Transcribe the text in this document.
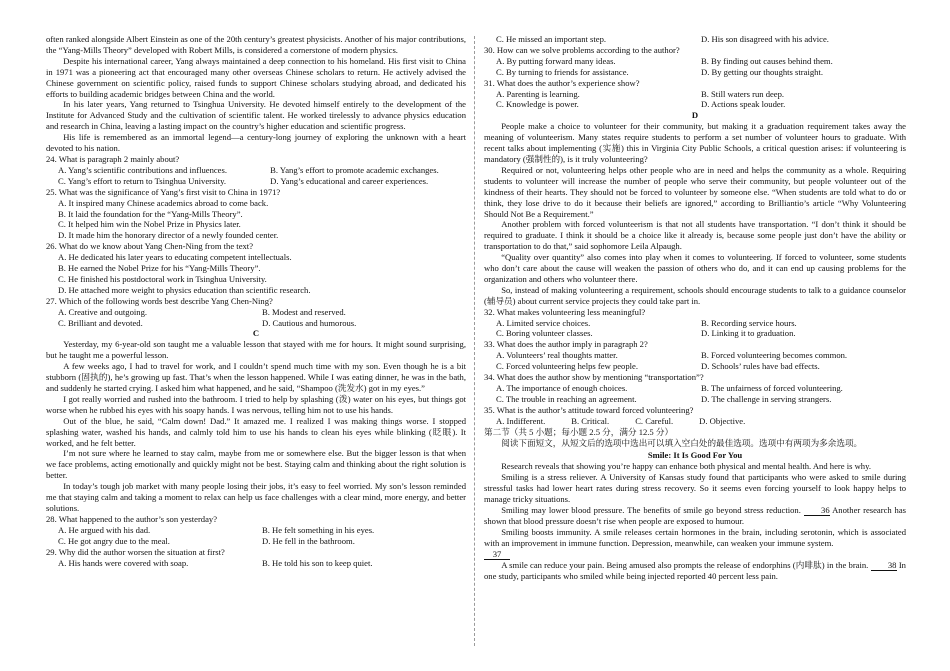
often ranked alongside Albert Einstein as one of the 20th century’s greatest physicists. Another of his major contributions, the “Yang-Mills Theory” developed with Robert Mills, is considered a cornerstone of modern physics.

Despite his international career, Yang always maintained a deep connection to his homeland. His first visit to China in 1971 was a pioneering act that encouraged many other overseas Chinese scholars to return. He actively advised the Chinese government on scientific policy, raised funds to support Chinese scholars studying abroad, and dedicated his efforts to building academic bridges between China and the world.

In his later years, Yang returned to Tsinghua University. He devoted himself entirely to the development of the Institute for Advanced Study and the cultivation of scientific talent. He worked tirelessly to advance physics education and research in China, leaving a lasting impact on the country’s higher education and scientific progress.

His life is remembered as an immortal legend—a century-long journey of exploring the unknown with a heart devoted to his nation.

24. What is paragraph 2 mainly about?
A. Yang’s scientific contributions and influences.	B. Yang’s effort to promote academic exchanges.
C. Yang’s effort to return to Tsinghua University.	D. Yang’s educational and career experiences.
25. What was the significance of Yang’s first visit to China in 1971?
A. It inspired many Chinese academics abroad to come back.
B. It laid the foundation for the “Yang-Mills Theory”.
C. It helped him win the Nobel Prize in Physics later.
D. It made him the honorary director of a newly founded center.
26. What do we know about Yang Chen-Ning from the text?
A. He dedicated his later years to educating competent intellectuals.
B. He earned the Nobel Prize for his “Yang-Mills Theory”.
C. He finished his postdoctoral work in Tsinghua University.
D. He attached more weight to physics education than scientific research.
27. Which of the following words best describe Yang Chen-Ning?
A. Creative and outgoing.	B. Modest and reserved.
C. Brilliant and devoted.	D. Cautious and humorous.
C

Yesterday, my 6-year-old son taught me a valuable lesson that stayed with me for hours. It might sound surprising, but he taught me a powerful lesson.

A few weeks ago, I had to travel for work, and I couldn’t spend much time with my son. Even though he is a bit stubborn (固执的), he’s growing up fast. That’s when the lesson happened. While I was eating dinner, he was in the bath, and suddenly he started crying. I asked him what happened, and he said, “Shampoo (洗发水) got in my eyes.”

I got really worried and rushed into the bathroom. I tried to help by splashing (泼) water on his eyes, but things got worse when he rubbed his eyes with his soapy hands. I was nervous, telling him not to use his hands.

Out of the blue, he said, “Calm down! Dad.” It amazed me. I realized I was making things worse. I stopped splashing water, washed his hands, and calmly told him to use his hands to clean his eyes while blinking (眨眼). It worked, and he felt better.

I’m not sure where he learned to stay calm, maybe from me or somewhere else. But the bigger lesson is that when we face problems, acting emotionally and quickly might not be best. Staying calm and thinking about the right solution is better.

In today’s tough job market with many people losing their jobs, it’s easy to feel worried. My son’s lesson reminded me that staying calm and taking a moment to relax can help us face challenges with a clear mind, more energy, and better solutions.

28. What happened to the author’s son yesterday?
A. He argued with his dad.	B. He felt something in his eyes.
C. He got angry due to the meal.	D. He fell in the bathroom.
29. Why did the author worsen the situation at first?
A. His hands were covered with soap.	B. He told his son to keep quiet.
C. He missed an important step.	D. His son disagreed with his advice.
30. How can we solve problems according to the author?
A. By putting forward many ideas.	B. By finding out causes behind them.
C. By turning to friends for assistance.	D. By getting our thoughts straight.
31. What does the author’s experience show?
A. Parenting is learning.	B. Still waters run deep.
C. Knowledge is power.	D. Actions speak louder.
D

People make a choice to volunteer for their community, but making it a graduation requirement takes away the meaning of volunteerism. Many states require students to perform a set number of volunteer hours to graduate. With recent talks about implementing (实施) this in Virginia City Public Schools, a critical question arises: if volunteering is mandatory (强制性的), is it truly volunteering?

Required or not, volunteering helps other people who are in need and helps the community as a whole. Requiring students to volunteer will increase the number of people who serve their community, but people volunteer out of the kindness of their hearts. They should not be forced to volunteer by someone else. “When students are told what to do or think, they lose drive to do it because their beliefs are ignored,” according to Brilliantio’s article “Why Volunteering Should Not Be a Requirement.”

Another problem with forced volunteerism is that not all students have transportation. “I don’t think it should be required to graduate. I think it should be a choice like it already is, because some people just don’t have the ability or transportation to do that,” said sophomore Leila Alpaugh.

“Quality over quantity” also comes into play when it comes to volunteering. If forced to volunteer, some students who don’t care about the cause will weaken the passion of others who do, and it can end up causing problems for the organization and others who volunteer there.

So, instead of making volunteering a requirement, schools should encourage students to talk to a guidance counselor (辅导员) about current service projects they could take part in.

32. What makes volunteering less meaningful?
A. Limited service choices.	B. Recording service hours.
C. Boring volunteer classes.	D. Linking it to graduation.
33. What does the author imply in paragraph 2?
A. Volunteers’ real thoughts matter.	B. Forced volunteering becomes common.
C. Forced volunteering helps few people.	D. Schools’ rules have bad effects.
34. What does the author show by mentioning “transportation”?
A. The importance of enough choices.	B. The unfairness of forced volunteering.
C. The trouble in reaching an agreement.	D. The challenge in serving strangers.
35. What is the author’s attitude toward forced volunteering?
A. Indifferent.	B. Critical.	C. Careful.	D. Objective.
第二节（共 5 小题；每小题 2.5 分，满分 12.5 分）

阅读下面短文，从短文后的选项中选出可以填入空白处的最佳选项。选项中有两项为多余选项。

Smile: It Is Good For You

Research reveals that showing you’re happy can enhance both physical and mental health. And here is why.

Smiling is a stress reliever. A University of Kansas study found that participants who were asked to smile during stressful tasks had lower heart rates during stress recovery. So it seems even forcing yourself to look happy helps to manage tricky situations.

Smiling may lower blood pressure. The benefits of smile go beyond stress reduction. 36 Another research has shown that blood pressure doesn’t rise when people are exposed to humour.

Smiling boosts immunity. A smile releases certain hormones in the brain, including serotonin, which is associated with an improvement in immune function. Depression, meanwhile, can weaken your immune system.

37

A smile can reduce your pain. Being amused also prompts the release of endorphins (内啡肽) in the brain. 38 In one study, participants who smiled while being injected reported 40 percent less pain.
